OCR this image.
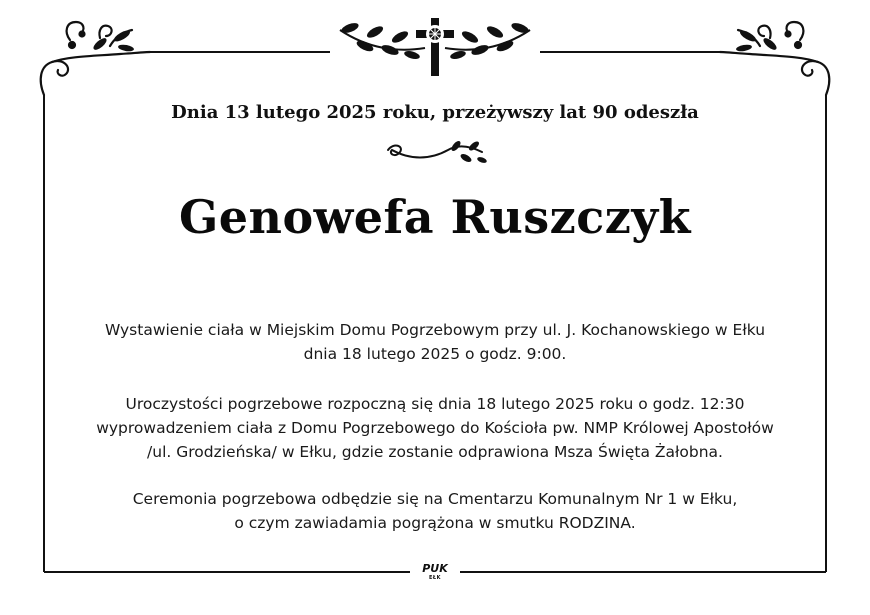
Dnia 13 lutego 2025 roku, przeżywszy lat 90 odeszła
Genowefa Ruszczyk
Wystawienie ciała w Miejskim Domu Pogrzebowym przy ul. J. Kochanowskiego w Ełku
dnia 18 lutego 2025 o godz. 9:00.
Uroczystości pogrzebowe rozpoczną się dnia 18 lutego 2025 roku o godz. 12:30
wyprowadzeniem ciała z Domu Pogrzebowego do Kościoła pw. NMP Królowej Apostołów
/ul. Grodzieńska/ w Ełku, gdzie zostanie odprawiona Msza Święta Żałobna.
Ceremonia pogrzebowa odbędzie się na Cmentarzu Komunalnym Nr 1 w Ełku,
o czym zawiadamia pogrążona w smutku RODZINA.
PUK
EŁK
